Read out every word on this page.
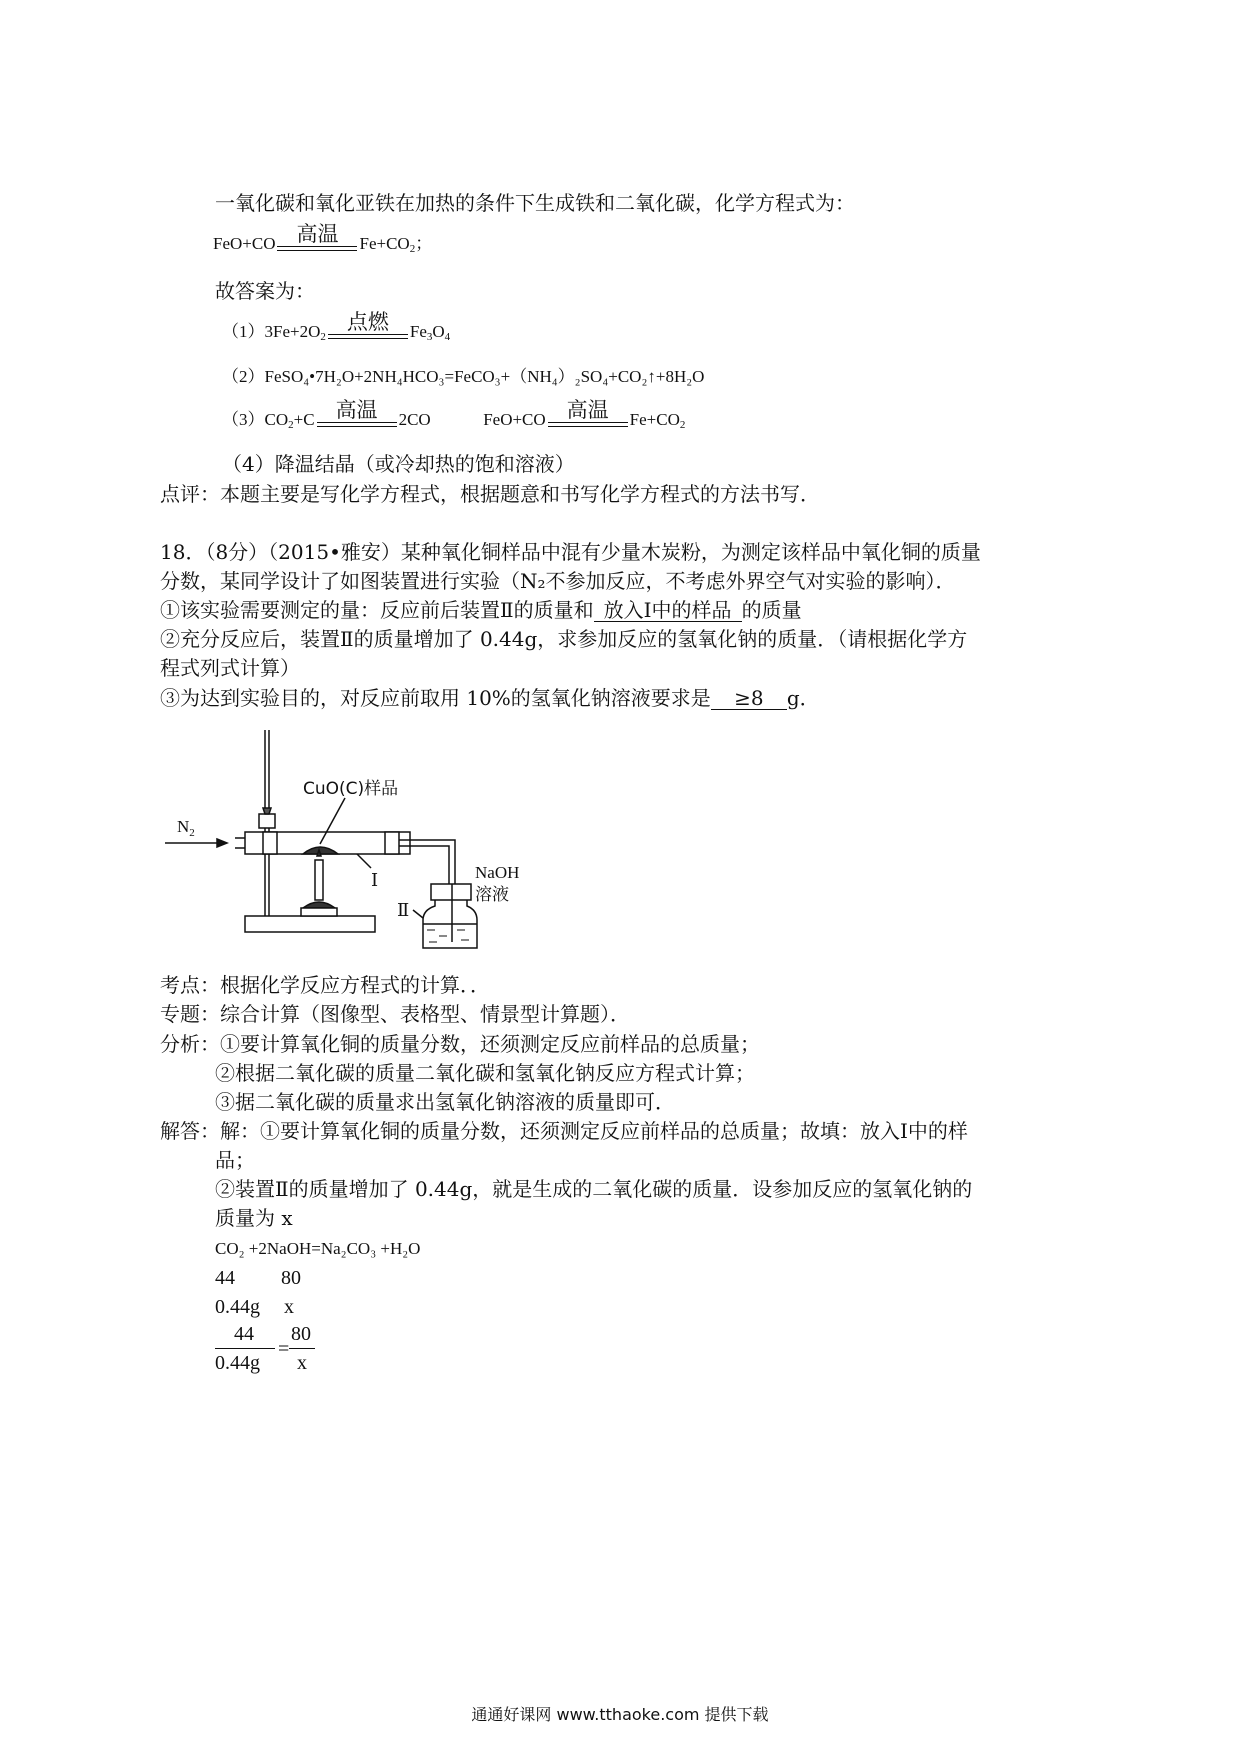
一氧化碳和氧化亚铁在加热的条件下生成铁和二氧化碳，化学方程式为：
FeO+CO	高温	$Fe+CO_2$；
故答案为：
$(1)3Fe+2O_2$
点燃	$Fe_3O_4$
（2）FeSO₄•7H₂O+2NH₄HCO₃=FeCO₃+（NH₄）₂SO₄+CO₂↑+8H₂O
$(3)CO_2+C$	高温	2CO	FeO+CO	高温	$Fe+CO_2$
（4）降温结晶（或冷却热的饱和溶液）
点评：本题主要是写化学方程式，根据题意和书写化学方程式的方法书写．
18．（8分）（2015•雅安）某种氧化铜样品中混有少量木炭粉，为测定该样品中氧化铜的质量
分数，某同学设计了如图装置进行实验（N₂不参加反应，不考虑外界空气对实验的影响）．
①该实验需要测定的量：反应前后装置Ⅱ的质量和 放入Ⅰ中的样品 的质量
②充分反应后，装置Ⅱ的质量增加了 0.44g，求参加反应的氢氧化钠的质量．（请根据化学方
程式列式计算）
③为达到实验目的，对反应前取用 10%的氢氧化钠溶液要求是 ≥8 g．
CuO(C)样品
$N_2$
Ⅰ
Ⅱ
NaOH
溶液
考点：根据化学反应方程式的计算．．
专题：综合计算（图像型、表格型、情景型计算题）．
分析：①要计算氧化铜的质量分数，还须测定反应前样品的总质量；
②根据二氧化碳的质量二氧化碳和氢氧化钠反应方程式计算；
③据二氧化碳的质量求出氢氧化钠溶液的质量即可．
解答：解：①要计算氧化铜的质量分数，还须测定反应前样品的总质量；故填：放入Ⅰ中的样
品；
②装置Ⅱ的质量增加了 0.44g，就是生成的二氧化碳的质量．设参加反应的氢氧化钠的
质量为 x
CO₂ +2NaOH=Na₂CO₃ +H₂O
44 80
0.44g x
44
0.44g
=
80
x
通通好课网 www.tthaoke.com 提供下载
